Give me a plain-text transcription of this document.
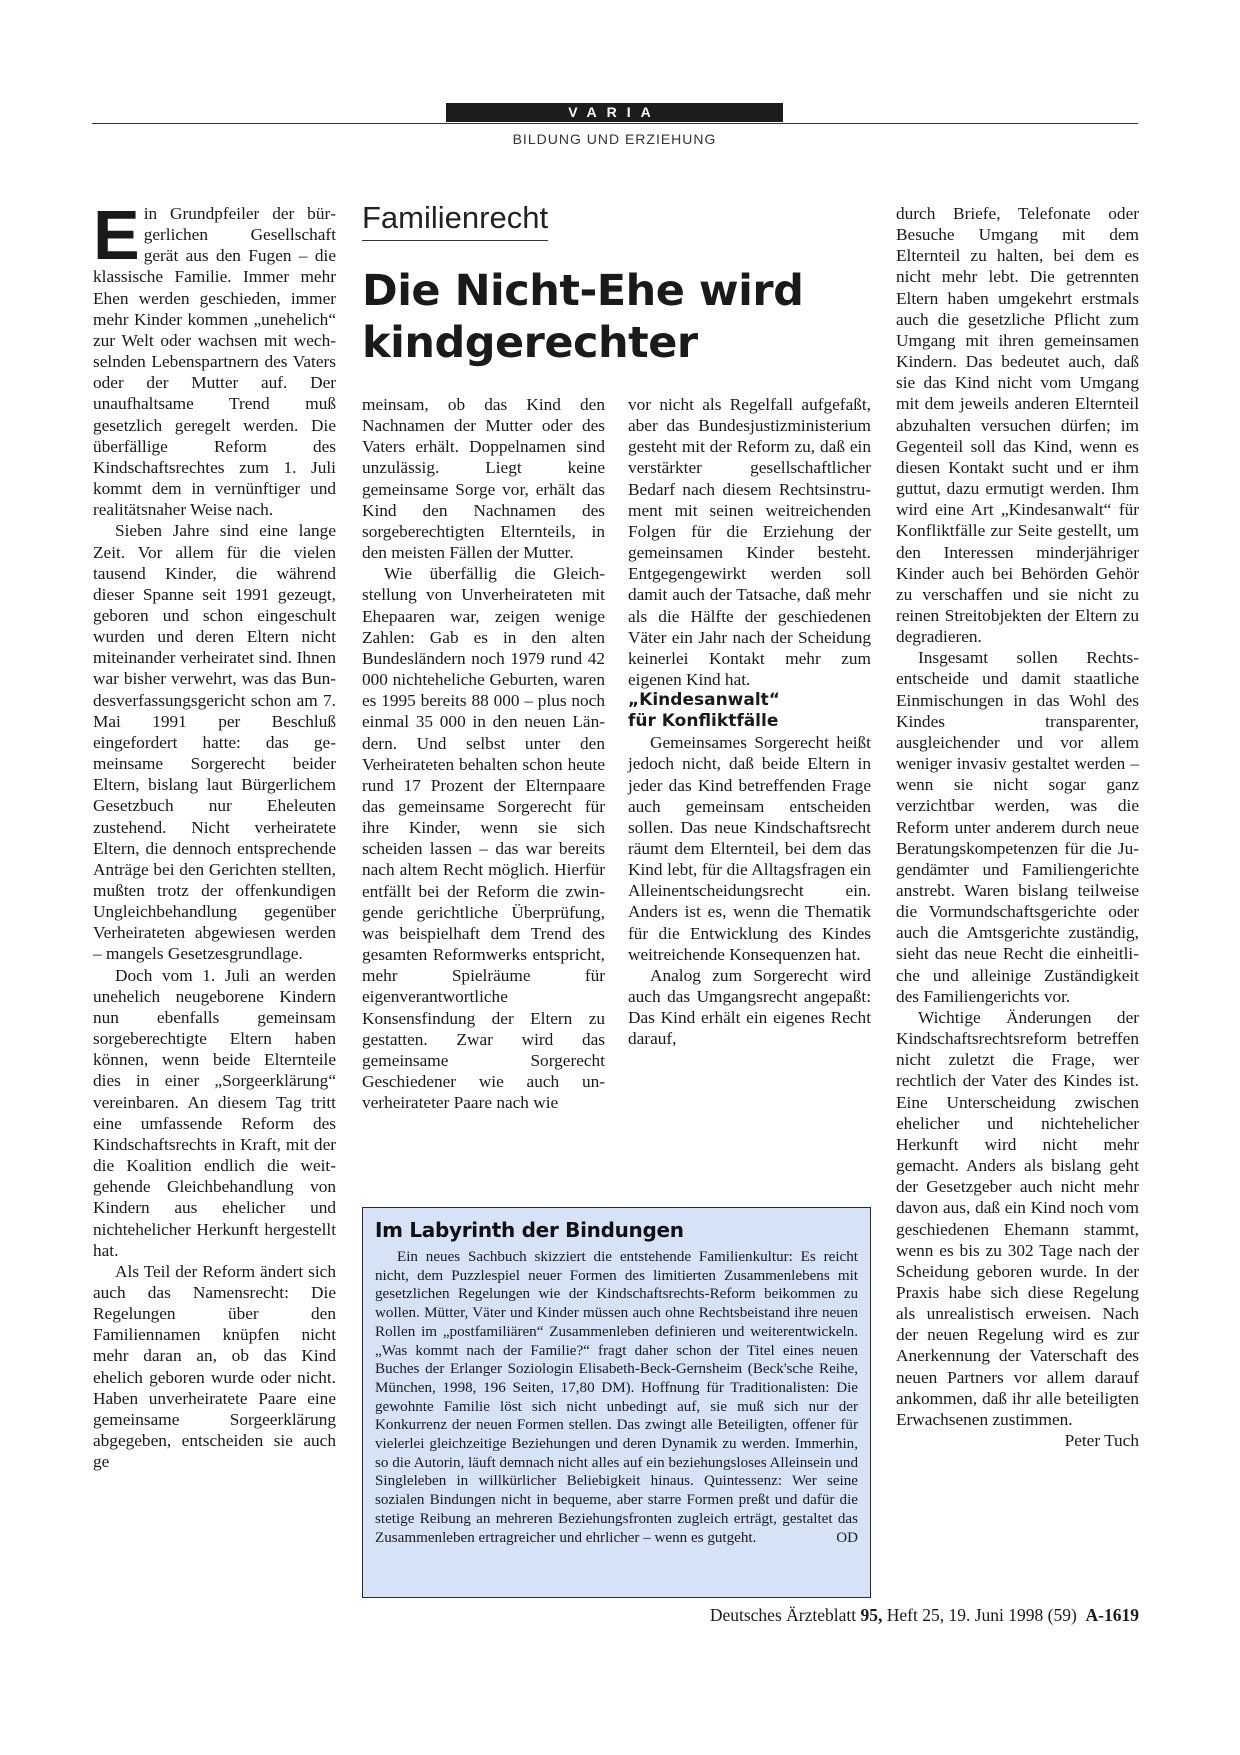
VARIA
BILDUNG UND ERZIEHUNG
Familienrecht
Die Nicht-Ehe wird kindgerechter

Ein Grundpfeiler der bürgerlichen Gesellschaft gerät aus den Fugen – die klassische Familie. Immer mehr Ehen werden geschieden, immer mehr Kinder kommen „unehelich“ zur Welt oder wachsen mit wechselnden Lebenspartnern des Vaters oder der Mutter auf. Der unaufhaltsame Trend muß gesetzlich geregelt werden. Die überfällige Reform des Kindschaftsrechtes zum 1. Juli kommt dem in vernünftiger und realitätsnaher Weise nach.

Sieben Jahre sind eine lange Zeit. Vor allem für die vielen tausend Kinder, die während dieser Spanne seit 1991 gezeugt, geboren und schon eingeschult wurden und deren Eltern nicht miteinander verheiratet sind. Ihnen war bisher verwehrt, was das Bundesverfassungsgericht schon am 7. Mai 1991 per Beschluß eingefordert hatte: das gemeinsame Sorgerecht beider Eltern, bislang laut Bürgerlichem Gesetzbuch nur Eheleuten zustehend. Nicht verheiratete Eltern, die dennoch entsprechende Anträge bei den Gerichten stellten, mußten trotz der offenkundigen Ungleichbehandlung gegenüber Verheirateten abgewiesen werden – mangels Gesetzesgrundlage.

Doch vom 1. Juli an werden unehelich neugeborene Kindern nun ebenfalls gemeinsam sorgeberechtigte Eltern haben können, wenn beide Elternteile dies in einer „Sorgeerklärung“ vereinbaren. An diesem Tag tritt eine umfassende Reform des Kindschaftsrechts in Kraft, mit der die Koalition endlich die weitgehende Gleichbehandlung von Kindern aus ehelicher und nichtehelicher Herkunft hergestellt hat.

Als Teil der Reform ändert sich auch das Namensrecht: Die Regelungen über den Familiennamen knüpfen nicht mehr daran an, ob das Kind ehelich geboren wurde oder nicht. Haben unverheiratete Paare eine gemeinsame Sorgeerklärung abgegeben, entscheiden sie auch ge

meinsam, ob das Kind den Nachnamen der Mutter oder des Vaters erhält. Doppelnamen sind unzulässig. Liegt keine gemeinsame Sorge vor, erhält das Kind den Nachnamen des sorgeberechtigten Elternteils, in den meisten Fällen der Mutter.

Wie überfällig die Gleichstellung von Unverheirateten mit Ehepaaren war, zeigen wenige Zahlen: Gab es in den alten Bundesländern noch 1979 rund 42 000 nichteheliche Geburten, waren es 1995 bereits 88 000 – plus noch einmal 35 000 in den neuen Ländern. Und selbst unter den Verheirateten behalten schon heute rund 17 Prozent der Elternpaare das gemeinsame Sorgerecht für ihre Kinder, wenn sie sich scheiden lassen – das war bereits nach altem Recht möglich. Hierfür entfällt bei der Reform die zwingende gerichtliche Überprüfung, was beispielhaft dem Trend des gesamten Reformwerks entspricht, mehr Spielräume für eigenverantwortliche Konsensfindung der Eltern zu gestatten. Zwar wird das gemeinsame Sorgerecht Geschiedener wie auch unverheirateter Paare nach wie

vor nicht als Regelfall aufgefaßt, aber das Bundesjustizministerium gesteht mit der Reform zu, daß ein verstärkter gesellschaftlicher Bedarf nach diesem Rechtsinstrument mit seinen weitreichenden Folgen für die Erziehung der gemeinsamen Kinder besteht. Entgegengewirkt werden soll damit auch der Tatsache, daß mehr als die Hälfte der geschiedenen Väter ein Jahr nach der Scheidung keinerlei Kontakt mehr zum eigenen Kind hat.

„Kindesanwalt“
für Konfliktfälle

Gemeinsames Sorgerecht heißt jedoch nicht, daß beide Eltern in jeder das Kind betreffenden Frage auch gemeinsam entscheiden sollen. Das neue Kindschaftsrecht räumt dem Elternteil, bei dem das Kind lebt, für die Alltagsfragen ein Alleinentscheidungsrecht ein. Anders ist es, wenn die Thematik für die Entwicklung des Kindes weitreichende Konsequenzen hat.

Analog zum Sorgerecht wird auch das Umgangsrecht angepaßt: Das Kind erhält ein eigenes Recht darauf,

durch Briefe, Telefonate oder Besuche Umgang mit dem Elternteil zu halten, bei dem es nicht mehr lebt. Die getrennten Eltern haben umgekehrt erstmals auch die gesetzliche Pflicht zum Umgang mit ihren gemeinsamen Kindern. Das bedeutet auch, daß sie das Kind nicht vom Umgang mit dem jeweils anderen Elternteil abzuhalten versuchen dürfen; im Gegenteil soll das Kind, wenn es diesen Kontakt sucht und er ihm guttut, dazu ermutigt werden. Ihm wird eine Art „Kindesanwalt“ für Konfliktfälle zur Seite gestellt, um den Interessen minderjähriger Kinder auch bei Behörden Gehör zu verschaffen und sie nicht zu reinen Streitobjekten der Eltern zu degradieren.

Insgesamt sollen Rechtsentscheide und damit staatliche Einmischungen in das Wohl des Kindes transparenter, ausgleichender und vor allem weniger invasiv gestaltet werden – wenn sie nicht sogar ganz verzichtbar werden, was die Reform unter anderem durch neue Beratungskompetenzen für die Jugendämter und Familiengerichte anstrebt. Waren bislang teilweise die Vormundschaftsgerichte oder auch die Amtsgerichte zuständig, sieht das neue Recht die einheitliche und alleinige Zuständigkeit des Familiengerichts vor.

Wichtige Änderungen der Kindschaftsrechtsreform betreffen nicht zuletzt die Frage, wer rechtlich der Vater des Kindes ist. Eine Unterscheidung zwischen ehelicher und nichtehelicher Herkunft wird nicht mehr gemacht. Anders als bislang geht der Gesetzgeber auch nicht mehr davon aus, daß ein Kind noch vom geschiedenen Ehemann stammt, wenn es bis zu 302 Tage nach der Scheidung geboren wurde. In der Praxis habe sich diese Regelung als unrealistisch erweisen. Nach der neuen Regelung wird es zur Anerkennung der Vaterschaft des neuen Partners vor allem darauf ankommen, daß ihr alle beteiligten Erwachsenen zustimmen.
Peter Tuch

Im Labyrinth der Bindungen

Ein neues Sachbuch skizziert die entstehende Familienkultur: Es reicht nicht, dem Puzzlespiel neuer Formen des limitierten Zusammenlebens mit gesetzlichen Regelungen wie der Kindschaftsrechts-Reform beikommen zu wollen. Mütter, Väter und Kinder müssen auch ohne Rechtsbeistand ihre neuen Rollen im „postfamiliären“ Zusammenleben definieren und weiterentwickeln. „Was kommt nach der Familie?“ fragt daher schon der Titel eines neuen Buches der Erlanger Soziologin Elisabeth-Beck-Gernsheim (Beck'sche Reihe, München, 1998, 196 Seiten, 17,80 DM). Hoffnung für Traditionalisten: Die gewohnte Familie löst sich nicht unbedingt auf, sie muß sich nur der Konkurrenz der neuen Formen stellen. Das zwingt alle Beteiligten, offener für vielerlei gleichzeitige Beziehungen und deren Dynamik zu werden. Immerhin, so die Autorin, läuft demnach nicht alles auf ein beziehungsloses Alleinsein und Singleleben in willkürlicher Beliebigkeit hinaus. Quintessenz: Wer seine sozialen Bindungen nicht in bequeme, aber starre Formen preßt und dafür die stetige Reibung an mehreren Beziehungsfronten zugleich erträgt, gestaltet das Zusammenleben ertragreicher und ehrlicher – wenn es gutgeht.	OD

Deutsches Ärzteblatt 95, Heft 25, 19. Juni 1998 (59) A-1619
